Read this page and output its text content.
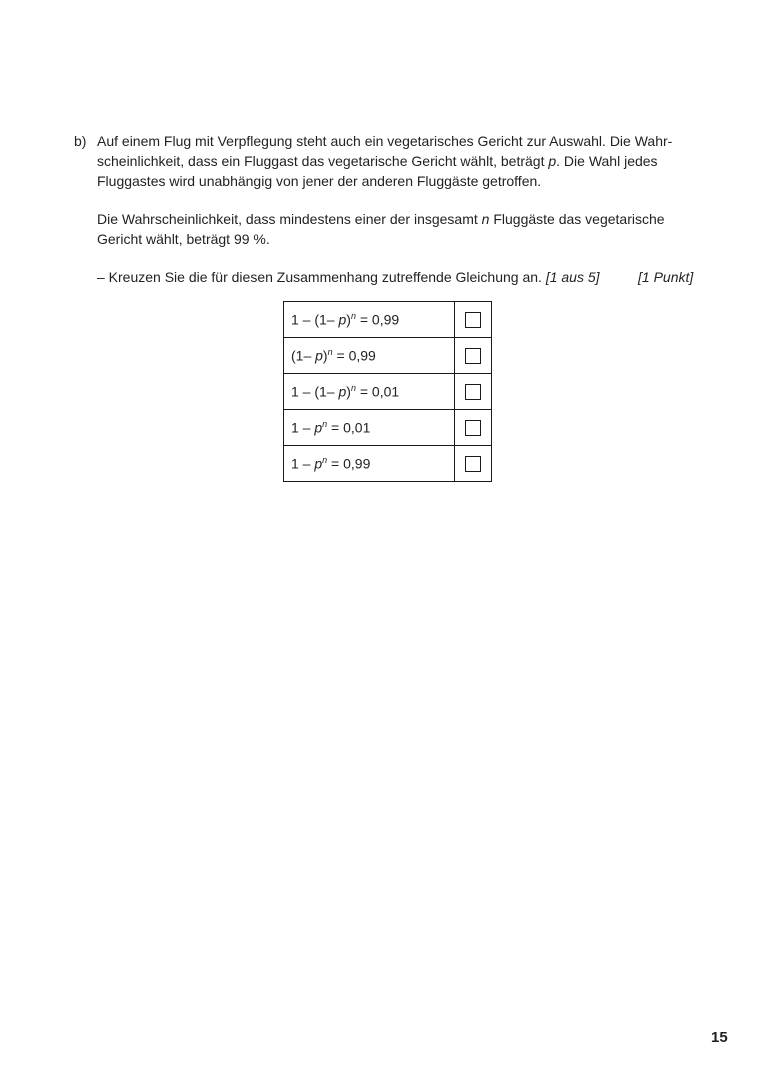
b) Auf einem Flug mit Verpflegung steht auch ein vegetarisches Gericht zur Auswahl. Die Wahr-
scheinlichkeit, dass ein Fluggast das vegetarische Gericht wählt, beträgt p. Die Wahl jedes
Fluggastes wird unabhängig von jener der anderen Fluggäste getroffen.

Die Wahrscheinlichkeit, dass mindestens einer der insgesamt n Fluggäste das vegetarische
Gericht wählt, beträgt 99 %.

– Kreuzen Sie die für diesen Zusammenhang zutreffende Gleichung an. [1 aus 5]	[1 Punkt]
1 – (1– p)$^n$ = 0,99	
(1– p)$^n$ = 0,99	
1 – (1– p)$^n$ = 0,01	
$1 - p^n = 0,01$	
$1 - p^n = 0,99$	
15
